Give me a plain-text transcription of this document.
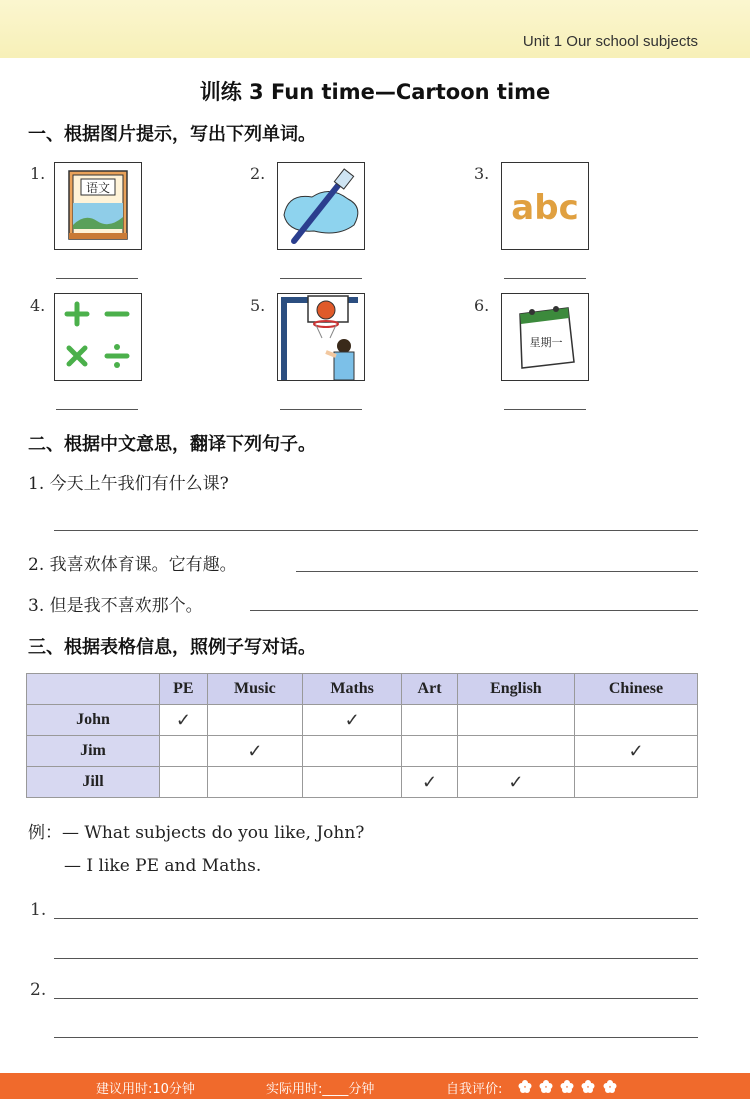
Unit 1 Our school subjects
训练 3 Fun time—Cartoon time
一、根据图片提示，写出下列单词。
1.
语文
2.	3.
abc
4.	5.	6.
星期一
二、根据中文意思，翻译下列句子。
1. 今天上午我们有什么课?
2. 我喜欢体育课。它有趣。
3. 但是我不喜欢那个。
三、根据表格信息，照例子写对话。
	PE	Music	Maths	Art	English	Chinese
John	✓		✓			
Jim		✓				✓
Jill				✓	✓	
例：— What subjects do you like, John?
— I like PE and Maths.
1.
2.
建议用时:10分钟	实际用时:____分钟	自我评价:
